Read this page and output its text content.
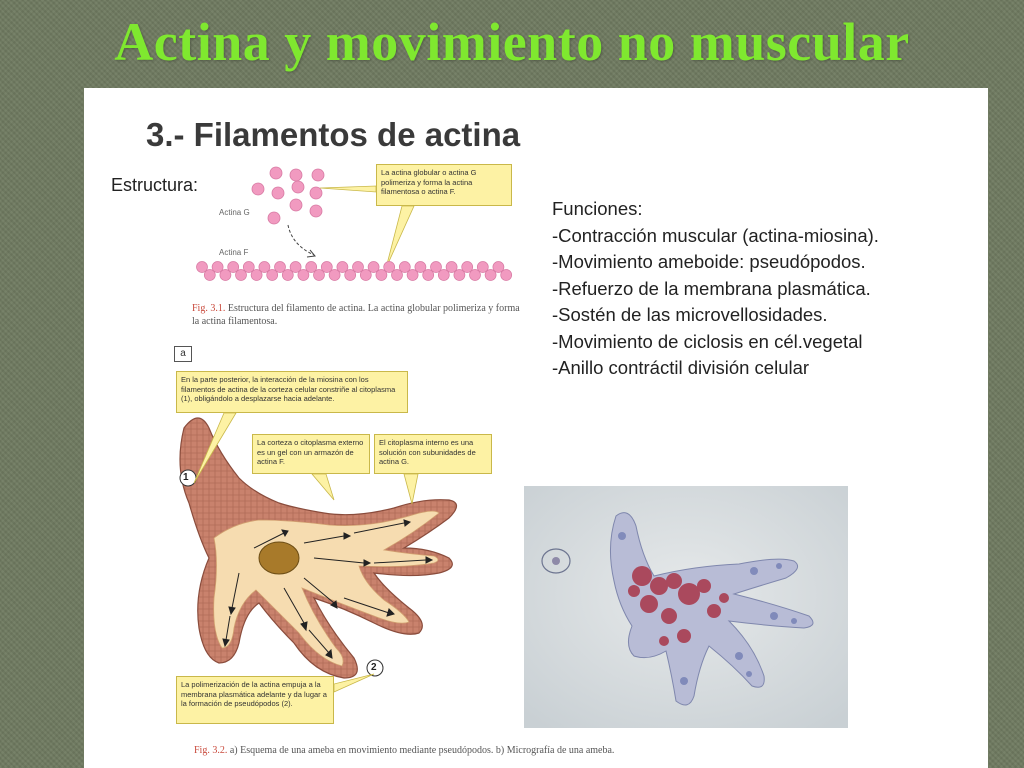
Actina y movimiento no muscular
3.- Filamentos de actina
Estructura:
Actina G
Actina F
La actina globular o actina G polimeriza y forma la actina filamentosa o actina F.
Fig. 3.1. Estructura del filamento de actina. La actina globular polimeriza y forma la actina filamentosa.
Funciones:
-Contracción muscular (actina-miosina).
-Movimiento ameboide: pseudópodos.
-Refuerzo de la membrana plasmática.
-Sostén de las microvellosidades.
-Movimiento de ciclosis en cél.vegetal
-Anillo contráctil división celular
a
1
2
En la parte posterior, la interacción de la miosina con los filamentos de actina de la corteza celular constriñe al citoplasma (1), obligándolo a desplazarse hacia adelante.
La corteza o citoplasma externo es un gel con un armazón de actina F.
El citoplasma interno es una solución con subunidades de actina G.
La polimerización de la actina empuja a la membrana plasmática adelante y da lugar a la formación de pseudópodos (2).
Fig. 3.2. a) Esquema de una ameba en movimiento mediante pseudópodos. b) Micrografía de una ameba.
